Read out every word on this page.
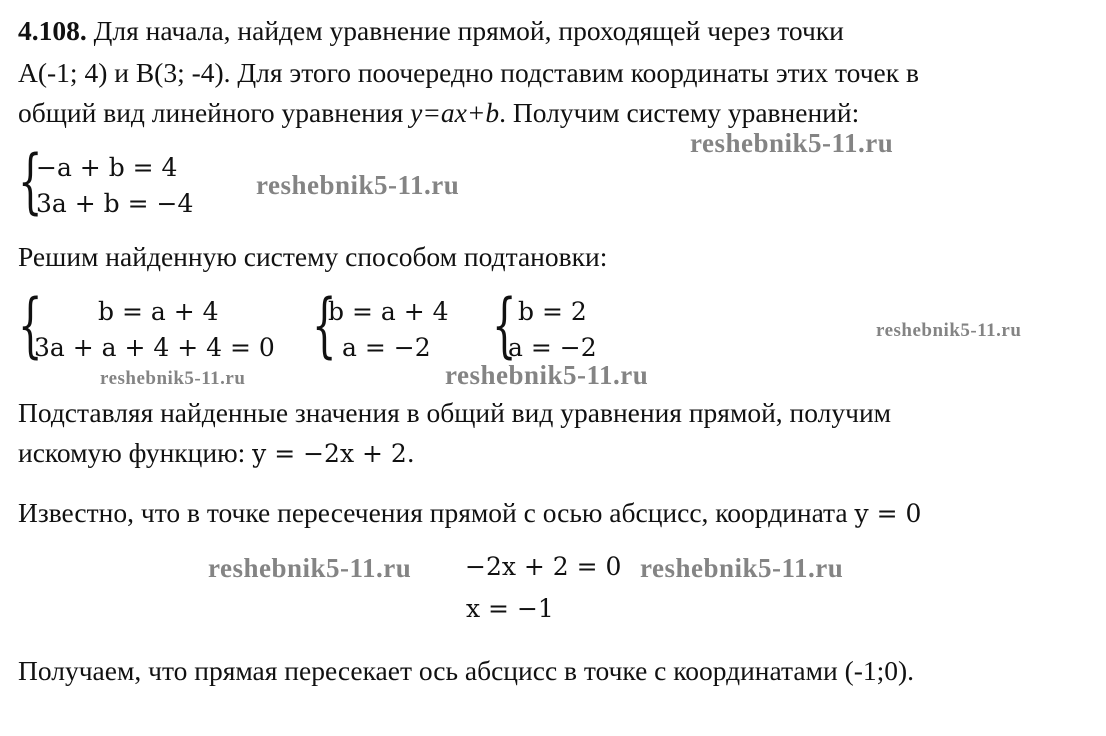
4.108. Для начала, найдем уравнение прямой, проходящей через точки
А(-1; 4) и В(3; -4). Для этого поочередно подставим координаты этих точек в
общий вид линейного уравнения y=ax+b. Получим систему уравнений:
{
−a + b = 4
3a + b = −4
Решим найденную систему способом подтановки:
{	b = a + 4
3a + a + 4 + 4 = 0 {
b = a + 4
a = −2 { b = 2
a = −2
Подставляя найденные значения в общий вид уравнения прямой, получим
искомую функцию: y = −2x + 2.
Известно, что в точке пересечения прямой с осью абсцисс, координата y = 0
−2x + 2 = 0
x = −1
Получаем, что прямая пересекает ось абсцисс в точке с координатами (-1;0).
reshebnik5-11.ru
reshebnik5-11.ru
reshebnik5-11.ru
reshebnik5-11.ru	reshebnik5-11.ru
reshebnik5-11.ru	reshebnik5-11.ru
